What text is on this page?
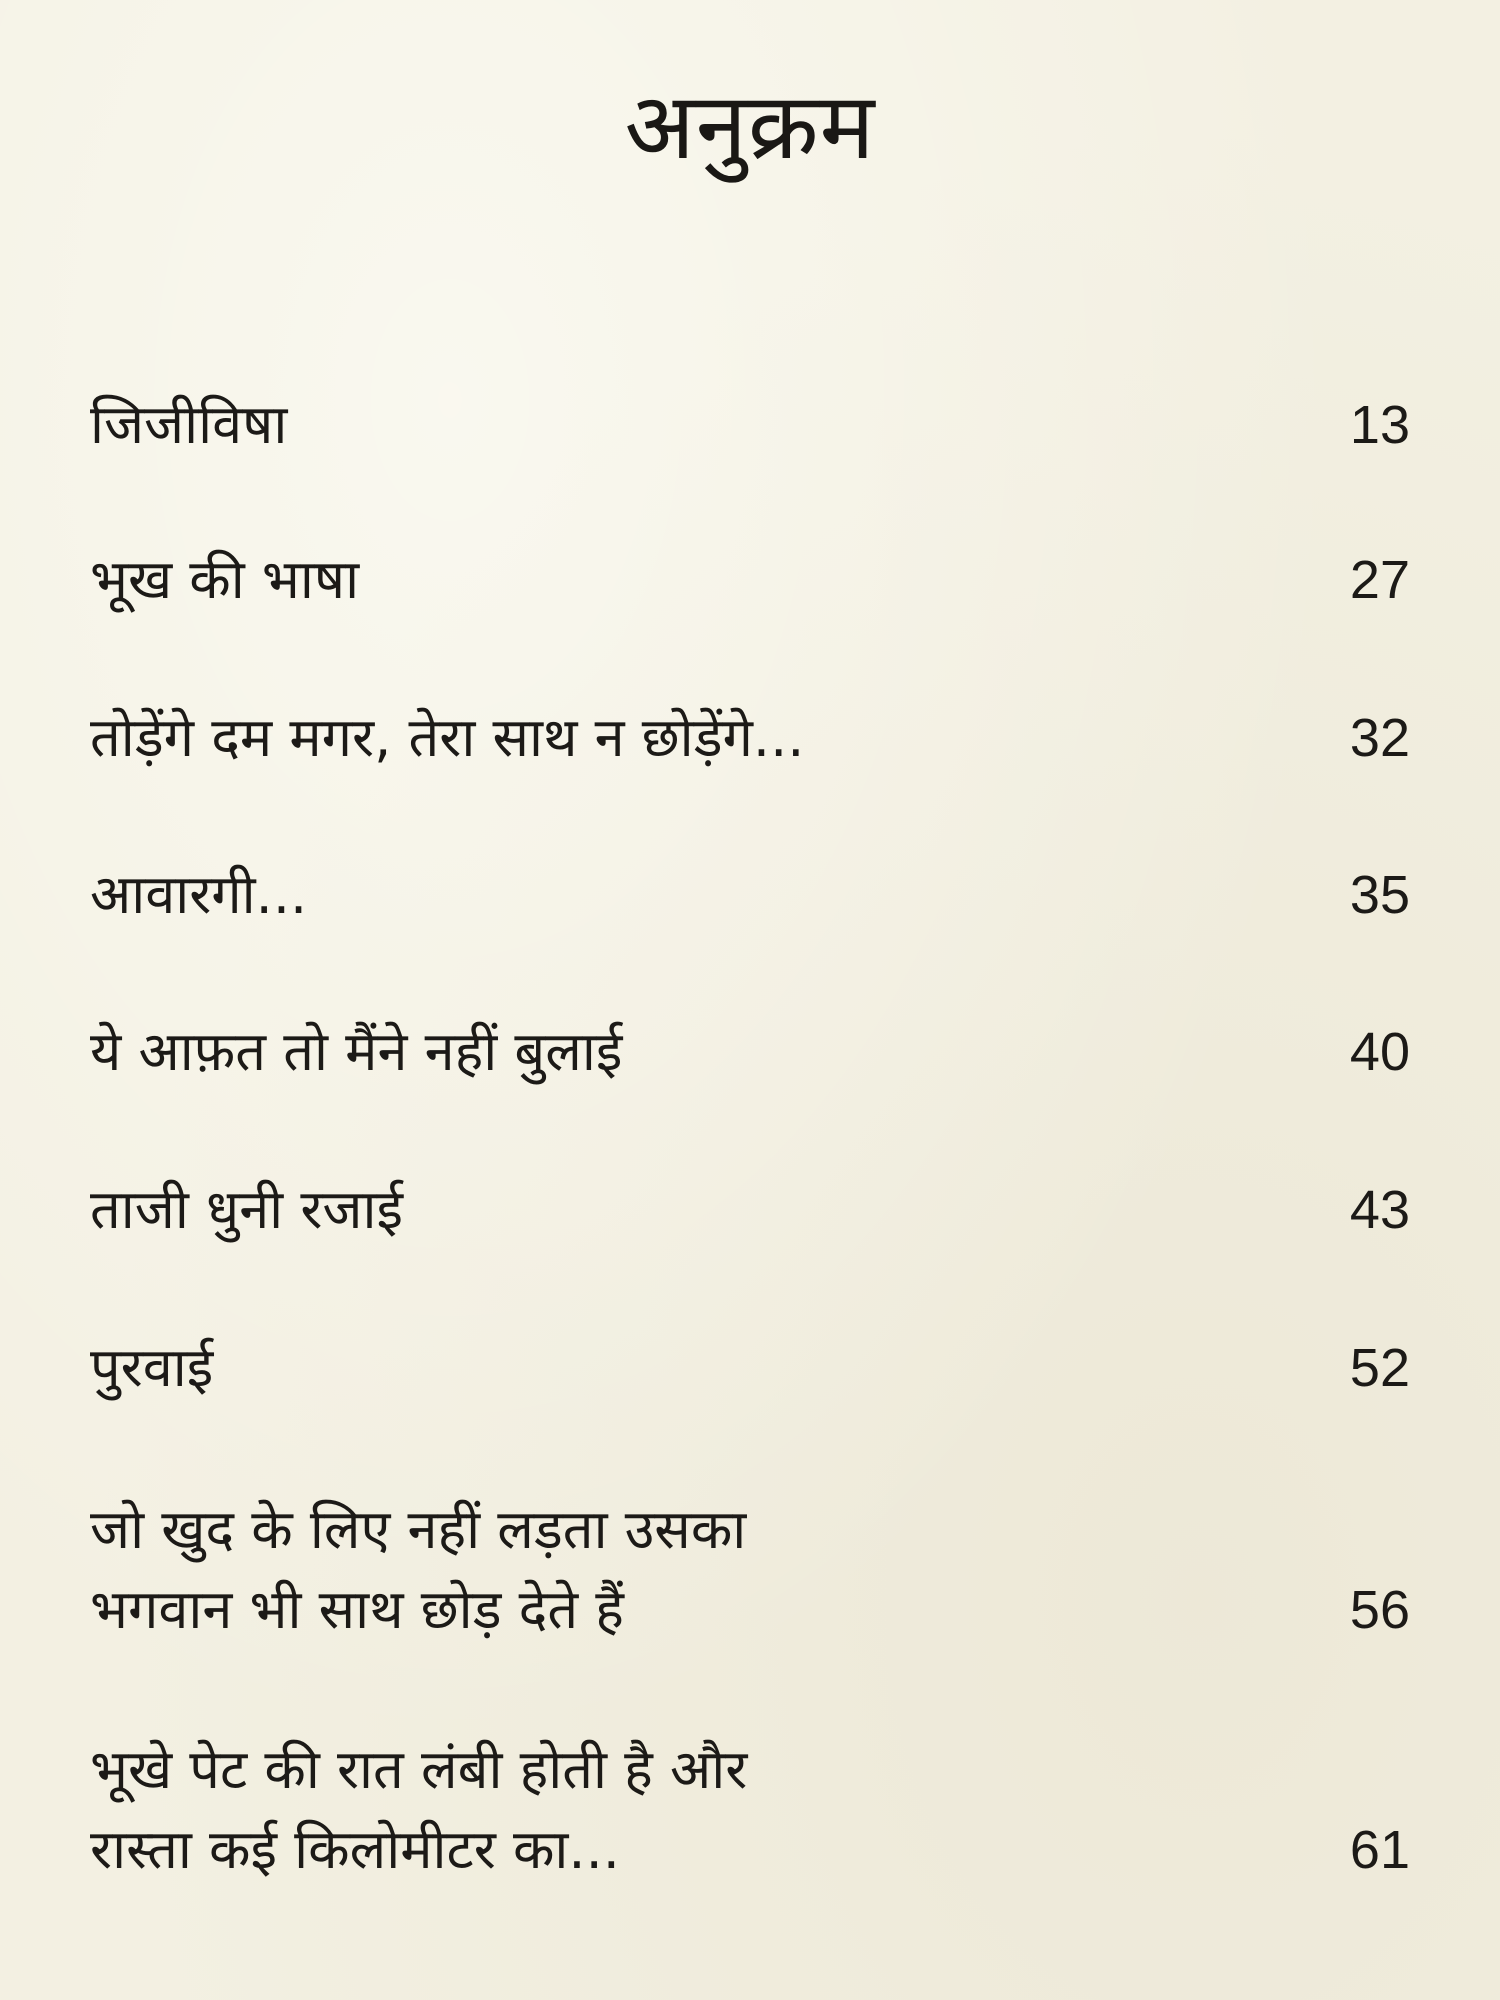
अनुक्रम
जिजीविषा	13
भूख की भाषा	27
तोड़ेंगे दम मगर, तेरा साथ न छोड़ेंगे...	32
आवारगी...	35
ये आफ़त तो मैंने नहीं बुलाई	40
ताजी धुनी रजाई	43
पुरवाई	52
जो खुद के लिए नहीं लड़ता उसका
भगवान भी साथ छोड़ देते हैं	56
भूखे पेट की रात लंबी होती है और
रास्ता कई किलोमीटर का...	61
